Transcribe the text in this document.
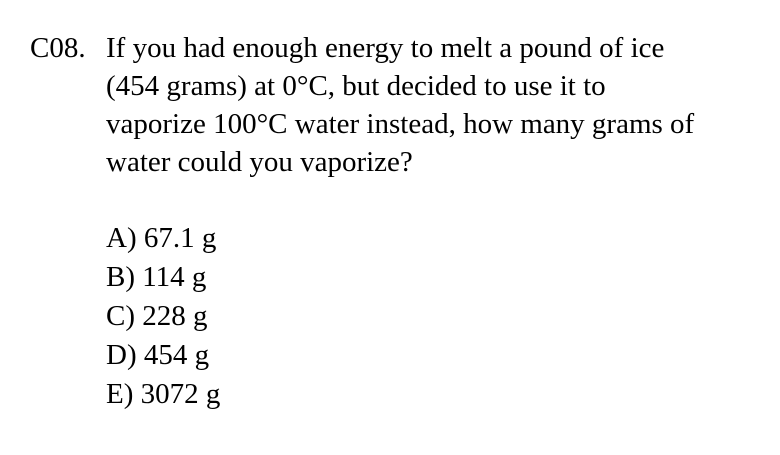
C08. If you had enough energy to melt a pound of ice
(454 grams) at 0°C, but decided to use it to
vaporize 100°C water instead, how many grams of
water could you vaporize?
A) 67.1 g
B) 114 g
C) 228 g
D) 454 g
E) 3072 g
